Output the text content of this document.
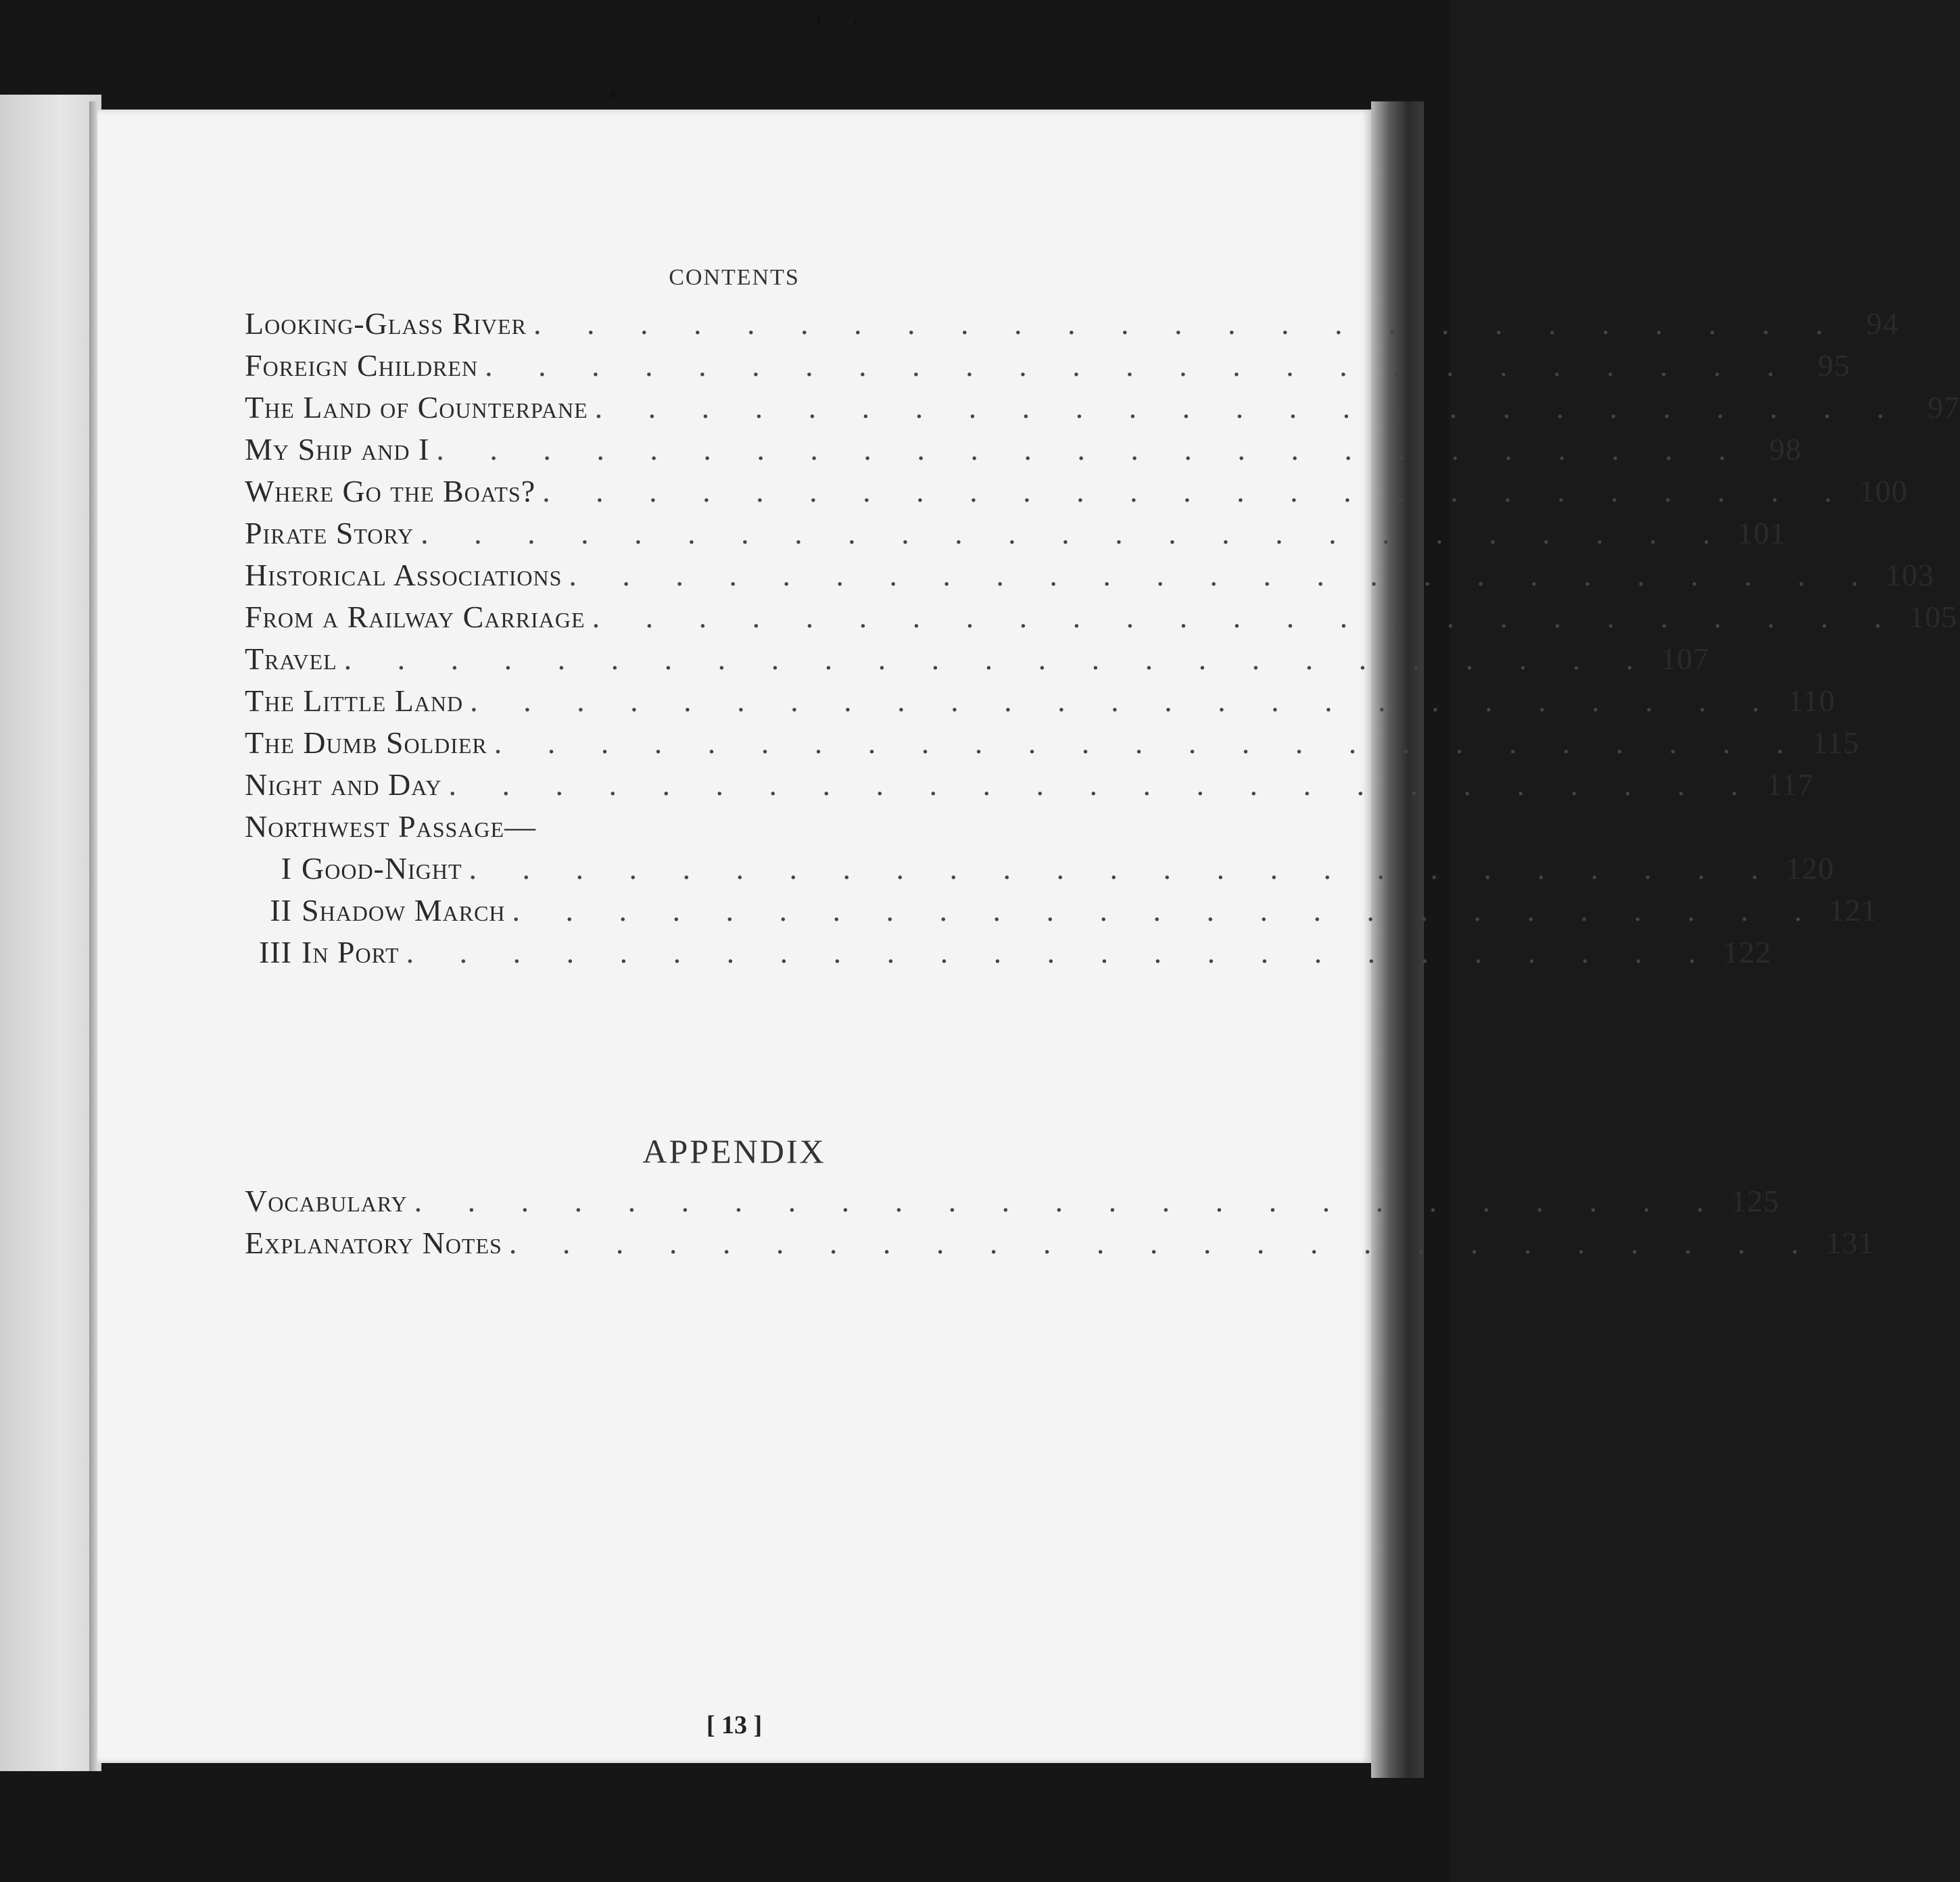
CONTENTS
Looking-Glass River . . . . . . . . . . . . . . . . . . . . . . . . . 94
Foreign Children . . . . . . . . . . . . . . . . . . . . . . . . . 95
The Land of Counterpane . . . . . . . . . . . . . . . . . . . . . . . . . 97
My Ship and I . . . . . . . . . . . . . . . . . . . . . . . . . 98
Where Go the Boats? . . . . . . . . . . . . . . . . . . . . . . . . . 100
Pirate Story . . . . . . . . . . . . . . . . . . . . . . . . . 101
Historical Associations . . . . . . . . . . . . . . . . . . . . . . . . . 103
From a Railway Carriage . . . . . . . . . . . . . . . . . . . . . . . . . 105
Travel . . . . . . . . . . . . . . . . . . . . . . . . . 107
The Little Land . . . . . . . . . . . . . . . . . . . . . . . . . 110
The Dumb Soldier . . . . . . . . . . . . . . . . . . . . . . . . . 115
Night and Day . . . . . . . . . . . . . . . . . . . . . . . . . 117
Northwest Passage—
I Good-Night . . . . . . . . . . . . . . . . . . . . . . . . . 120
II Shadow March . . . . . . . . . . . . . . . . . . . . . . . . . 121
III In Port . . . . . . . . . . . . . . . . . . . . . . . . . 122
APPENDIX
Vocabulary . . . . . . . . . . . . . . . . . . . . . . . . . 125
Explanatory Notes . . . . . . . . . . . . . . . . . . . . . . . . . 131
[ 13 ]
